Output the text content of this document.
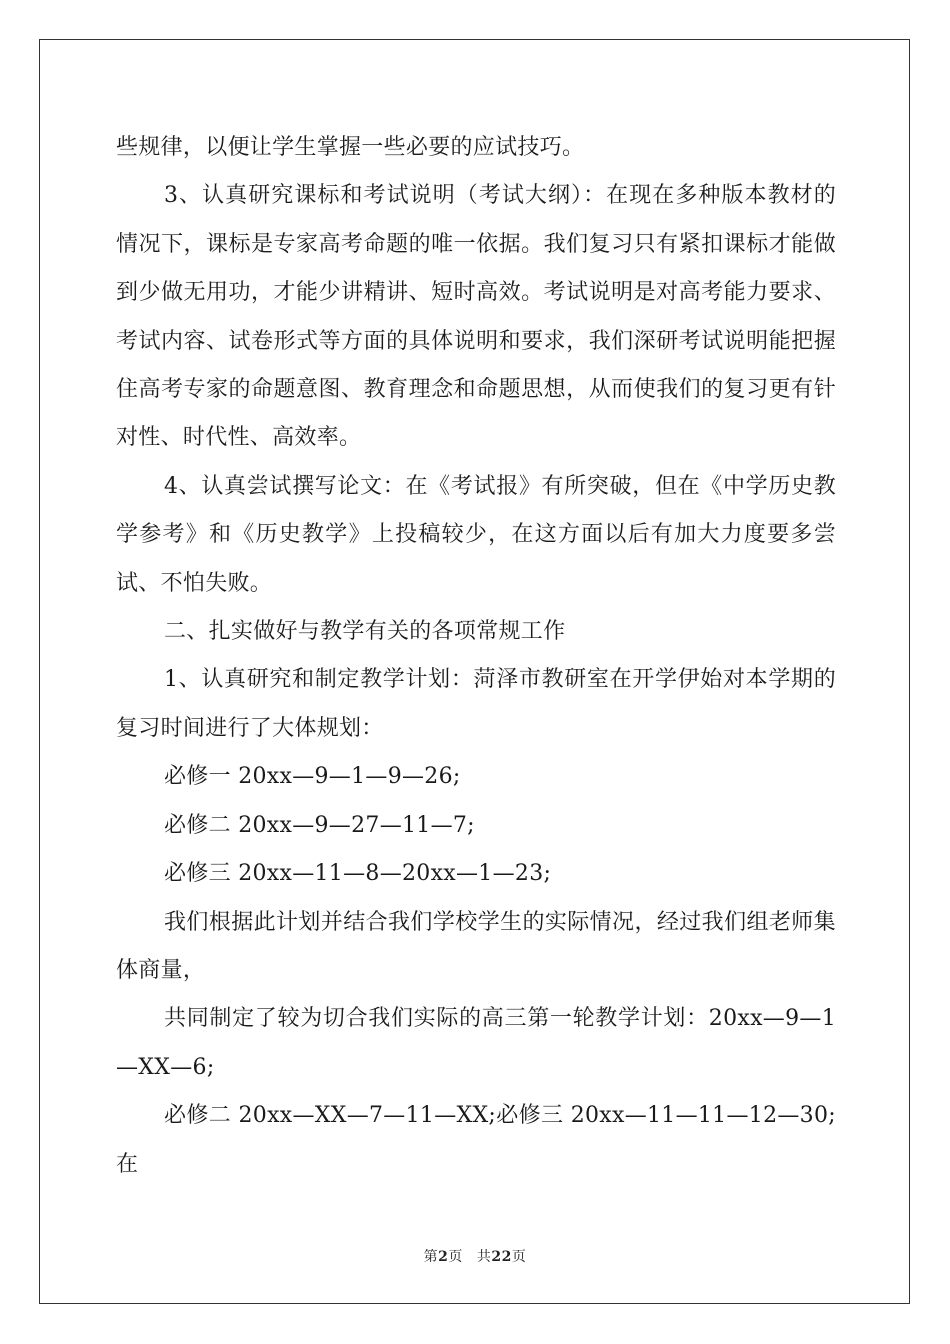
些规律，以便让学生掌握一些必要的应试技巧。

3、认真研究课标和考试说明（考试大纲）：在现在多种版本教材的情况下，课标是专家高考命题的唯一依据。我们复习只有紧扣课标才能做到少做无用功，才能少讲精讲、短时高效。考试说明是对高考能力要求、考试内容、试卷形式等方面的具体说明和要求，我们深研考试说明能把握住高考专家的命题意图、教育理念和命题思想，从而使我们的复习更有针对性、时代性、高效率。

4、认真尝试撰写论文：在《考试报》有所突破，但在《中学历史教学参考》和《历史教学》上投稿较少，在这方面以后有加大力度要多尝试、不怕失败。

二、扎实做好与教学有关的各项常规工作

1、认真研究和制定教学计划：菏泽市教研室在开学伊始对本学期的复习时间进行了大体规划：

必修一 20xx—9—1—9—26;

必修二 20xx—9—27—11—7;

必修三 20xx—11—8—20xx—1—23;

我们根据此计划并结合我们学校学生的实际情况，经过我们组老师集体商量，

共同制定了较为切合我们实际的高三第一轮教学计划：20xx—9—1—XX—6;

必修二 20xx—XX—7—11—XX;必修三 20xx—11—11—12—30;在

第2页 共22页
